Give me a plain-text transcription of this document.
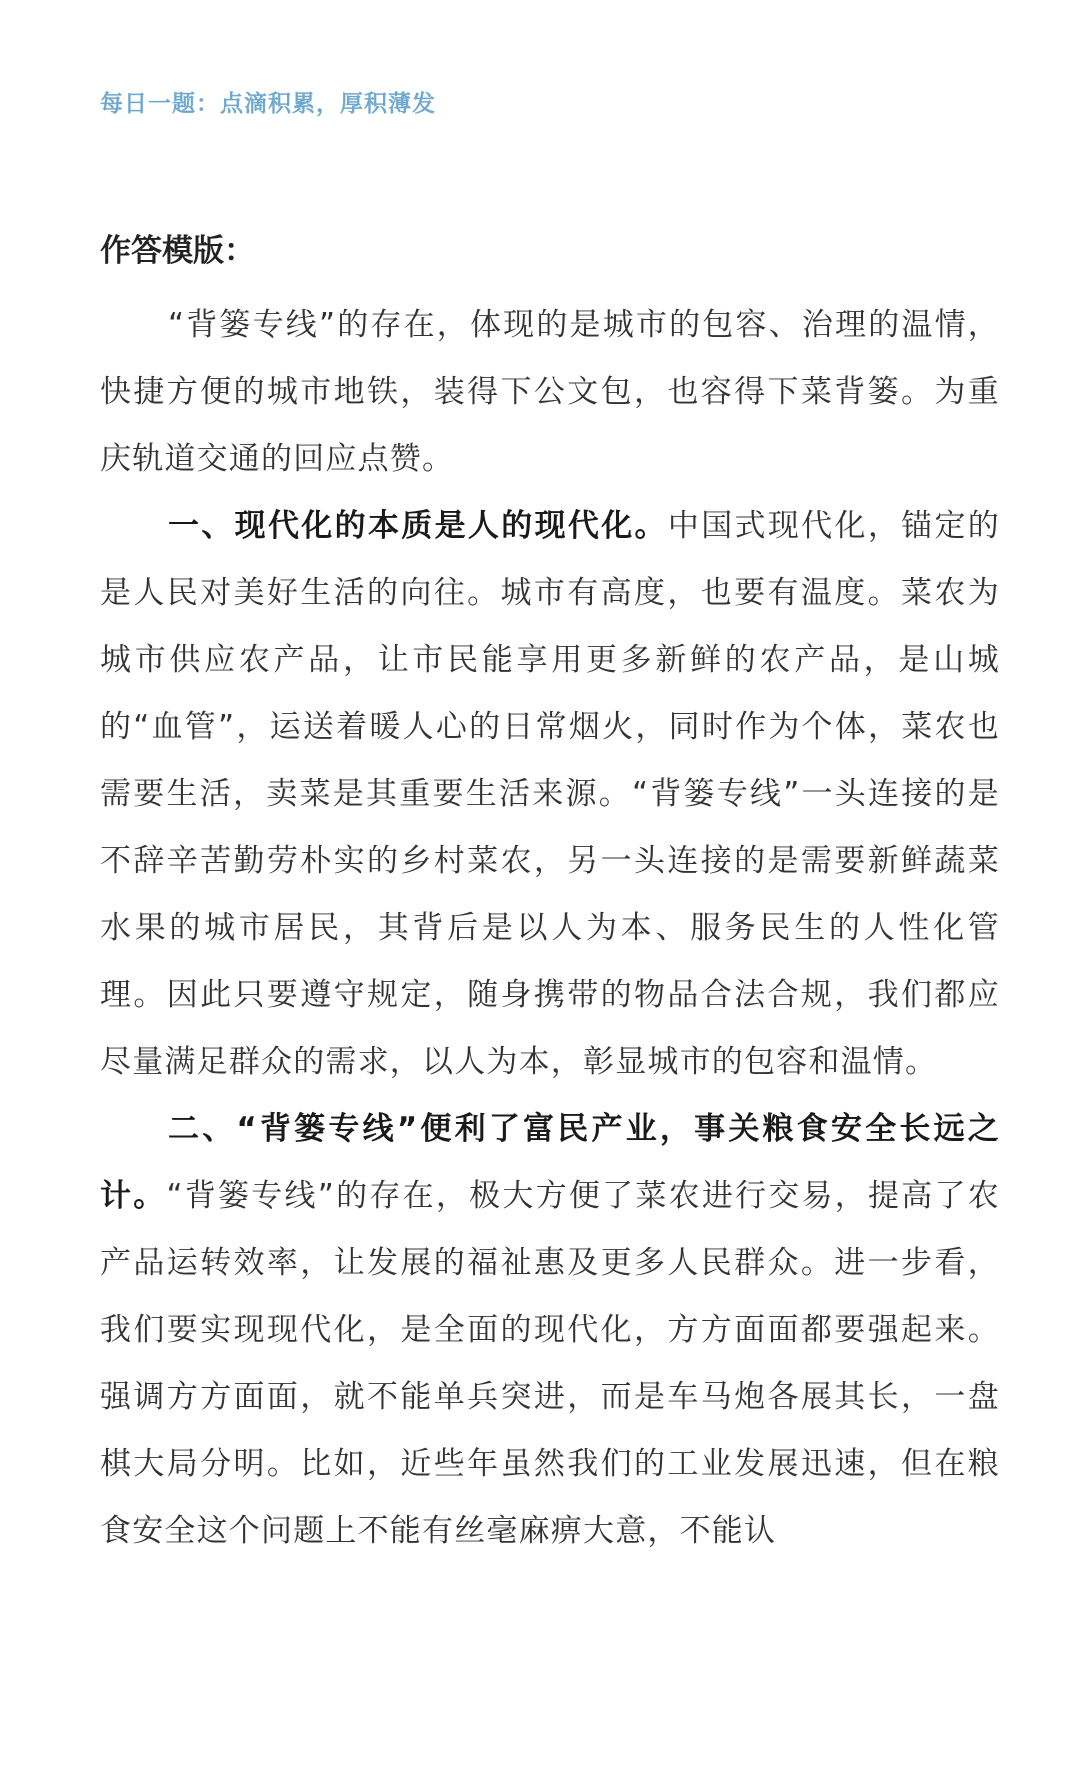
每日一题：点滴积累，厚积薄发
作答模版：

“背篓专线”的存在，体现的是城市的包容、治理的温情，快捷方便的城市地铁，装得下公文包，也容得下菜背篓。为重庆轨道交通的回应点赞。

一、现代化的本质是人的现代化。中国式现代化，锚定的是人民对美好生活的向往。城市有高度，也要有温度。菜农为城市供应农产品，让市民能享用更多新鲜的农产品，是山城的“血管”，运送着暖人心的日常烟火，同时作为个体，菜农也需要生活，卖菜是其重要生活来源。“背篓专线”一头连接的是不辞辛苦勤劳朴实的乡村菜农，另一头连接的是需要新鲜蔬菜水果的城市居民，其背后是以人为本、服务民生的人性化管理。因此只要遵守规定，随身携带的物品合法合规，我们都应尽量满足群众的需求，以人为本，彰显城市的包容和温情。

二、“背篓专线”便利了富民产业，事关粮食安全长远之计。“背篓专线”的存在，极大方便了菜农进行交易，提高了农产品运转效率，让发展的福祉惠及更多人民群众。进一步看，我们要实现现代化，是全面的现代化，方方面面都要强起来。强调方方面面，就不能单兵突进，而是车马炮各展其长，一盘棋大局分明。比如，近些年虽然我们的工业发展迅速，但在粮食安全这个问题上不能有丝毫麻痹大意，不能认
